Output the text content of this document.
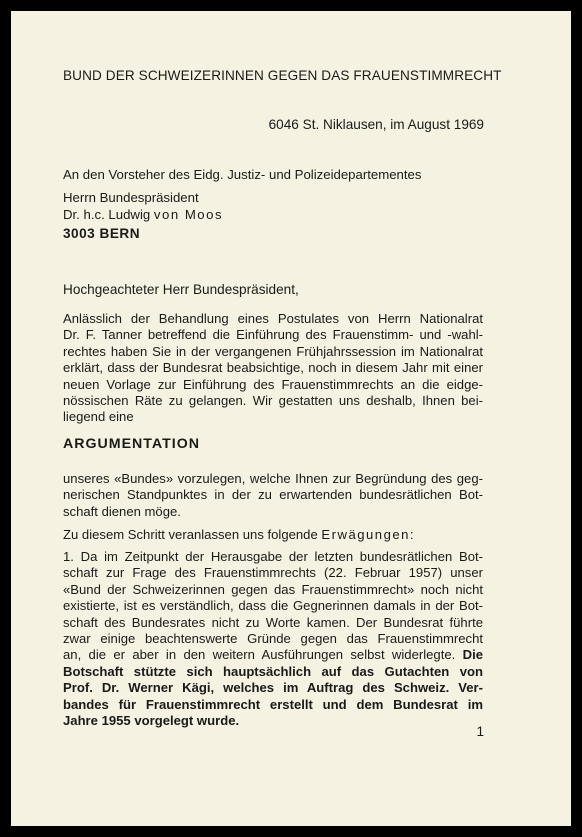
BUND DER SCHWEIZERINNEN GEGEN DAS FRAUENSTIMMRECHT

6046 St. Niklausen, im August 1969

An den Vorsteher des Eidg. Justiz- und Polizeidepartementes

Herrn Bundespräsident

Dr. h.c. Ludwig von Moos

3003 BERN

Hochgeachteter Herr Bundespräsident,

Anlässlich der Behandlung eines Postulates von Herrn Nationalrat
Dr. F. Tanner betreffend die Einführung des Frauenstimm- und -wahl-
rechtes haben Sie in der vergangenen Frühjahrssession im Nationalrat
erklärt, dass der Bundesrat beabsichtige, noch in diesem Jahr mit einer
neuen Vorlage zur Einführung des Frauenstimmrechts an die eidge-
nössischen Räte zu gelangen. Wir gestatten uns deshalb, Ihnen bei-
liegend eine

ARGUMENTATION

unseres «Bundes» vorzulegen, welche Ihnen zur Begründung des geg-
nerischen Standpunktes in der zu erwartenden bundesrätlichen Bot-
schaft dienen möge.
Zu diesem Schritt veranlassen uns folgende Erwägungen:
1. Da im Zeitpunkt der Herausgabe der letzten bundesrätlichen Bot-
schaft zur Frage des Frauenstimmrechts (22. Februar 1957) unser
«Bund der Schweizerinnen gegen das Frauenstimmrecht» noch nicht
existierte, ist es verständlich, dass die Gegnerinnen damals in der Bot-
schaft des Bundesrates nicht zu Worte kamen. Der Bundesrat führte
zwar einige beachtenswerte Gründe gegen das Frauenstimmrecht
an, die er aber in den weitern Ausführungen selbst widerlegte. Die
Botschaft stützte sich hauptsächlich auf das Gutachten von
Prof. Dr. Werner Kägi, welches im Auftrag des Schweiz. Ver-
bandes für Frauenstimmrecht erstellt und dem Bundesrat im
Jahre 1955 vorgelegt wurde.

1
